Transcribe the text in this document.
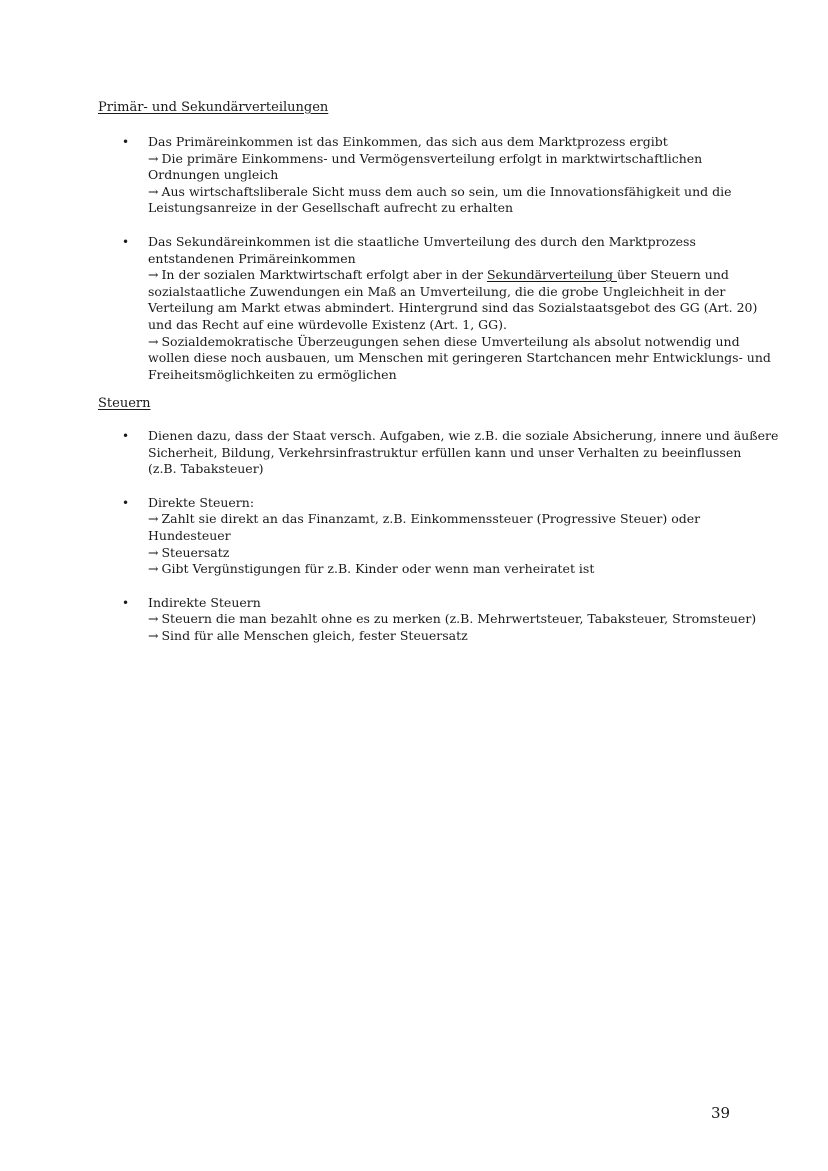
Primär- und Sekundärverteilungen
• Das Primäreinkommen ist das Einkommen, das sich aus dem Marktprozess ergibt
→ Die primäre Einkommens- und Vermögensverteilung erfolgt in marktwirtschaftlichen
Ordnungen ungleich
→ Aus wirtschaftsliberale Sicht muss dem auch so sein, um die Innovationsfähigkeit und die
Leistungsanreize in der Gesellschaft aufrecht zu erhalten
• Das Sekundäreinkommen ist die staatliche Umverteilung des durch den Marktprozess
entstandenen Primäreinkommen
→ In der sozialen Marktwirtschaft erfolgt aber in der Sekundärverteilung über Steuern und
sozialstaatliche Zuwendungen ein Maß an Umverteilung, die die grobe Ungleichheit in der
Verteilung am Markt etwas abmindert. Hintergrund sind das Sozialstaatsgebot des GG (Art. 20)
und das Recht auf eine würdevolle Existenz (Art. 1, GG).
→ Sozialdemokratische Überzeugungen sehen diese Umverteilung als absolut notwendig und
wollen diese noch ausbauen, um Menschen mit geringeren Startchancen mehr Entwicklungs- und
Freiheitsmöglichkeiten zu ermöglichen
Steuern
• Dienen dazu, dass der Staat versch. Aufgaben, wie z.B. die soziale Absicherung, innere und äußere
Sicherheit, Bildung, Verkehrsinfrastruktur erfüllen kann und unser Verhalten zu beeinflussen
(z.B. Tabaksteuer)
• Direkte Steuern:
→ Zahlt sie direkt an das Finanzamt, z.B. Einkommenssteuer (Progressive Steuer) oder
Hundesteuer
→ Steuersatz
→ Gibt Vergünstigungen für z.B. Kinder oder wenn man verheiratet ist
• Indirekte Steuern
→ Steuern die man bezahlt ohne es zu merken (z.B. Mehrwertsteuer, Tabaksteuer, Stromsteuer)
→ Sind für alle Menschen gleich, fester Steuersatz
39
